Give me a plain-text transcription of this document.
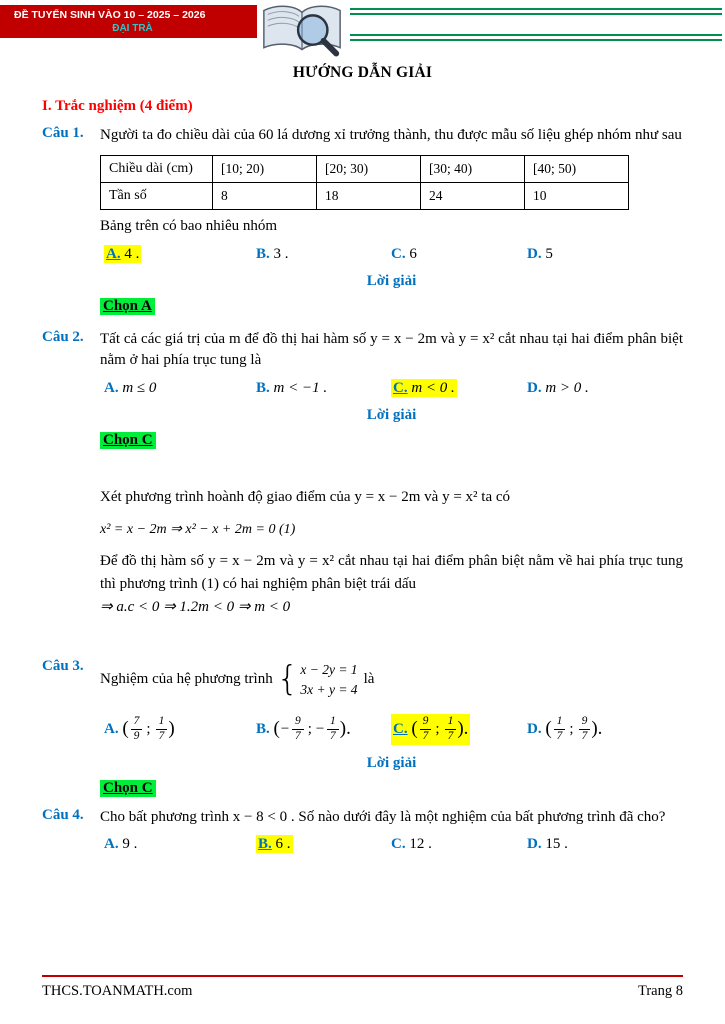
ĐỀ TUYỂN SINH VÀO 10 – 2025 – 2026
ĐẠI TRÀ
HƯỚNG DẪN GIẢI
I. Trắc nghiệm (4 điểm)
Câu 1.	Người ta đo chiều dài của 60 lá dương xỉ trưởng thành, thu được mẫu số liệu ghép nhóm như sau
Chiều dài (cm)	[10; 20)	[20; 30)	[30; 40)	[40; 50)
Tần số	8	18	24	10
Bảng trên có bao nhiêu nhóm
A. 4 .	B. 3 .	C. 6	D. 5
Lời giải
Chọn A
Câu 2.	Tất cả các giá trị của m để đồ thị hai hàm số y = x − 2m và y = x² cắt nhau tại hai điểm phân biệt nằm ở hai phía trục tung là
A. m ≤ 0	B. m < −1 .	C. m < 0 .	D. m > 0 .
Lời giải
Chọn C
Xét phương trình hoành độ giao điểm của y = x − 2m và y = x² ta có
x² = x − 2m ⇒ x² − x + 2m = 0 (1)
Để đồ thị hàm số y = x − 2m và y = x² cắt nhau tại hai điểm phân biệt nằm về hai phía trục tung thì phương trình (1) có hai nghiệm phân biệt trái dấu
⇒ a.c < 0 ⇒ 1.2m < 0 ⇒ m < 0
Câu 3.
Nghiệm của hệ phương trình { x − 2y = 1
3x + y = 4
là
A.
( $\frac{7}{9}$ ; $\frac{1}{7}$ )	B.
( − $\frac{9}{7}$ ; − $\frac{1}{7}$ ).	C.
( $\frac{9}{7}$ ; $\frac{1}{7}$ ).	D.
( $\frac{1}{7}$ ; $\frac{9}{7}$ ).
Lời giải
Chọn C
Câu 4.	Cho bất phương trình x − 8 < 0 . Số nào dưới đây là một nghiệm của bất phương trình đã cho?
A. 9 .	B. 6 .	C. 12 .	D. 15 .
THCS.TOANMATH.com	Trang 8
